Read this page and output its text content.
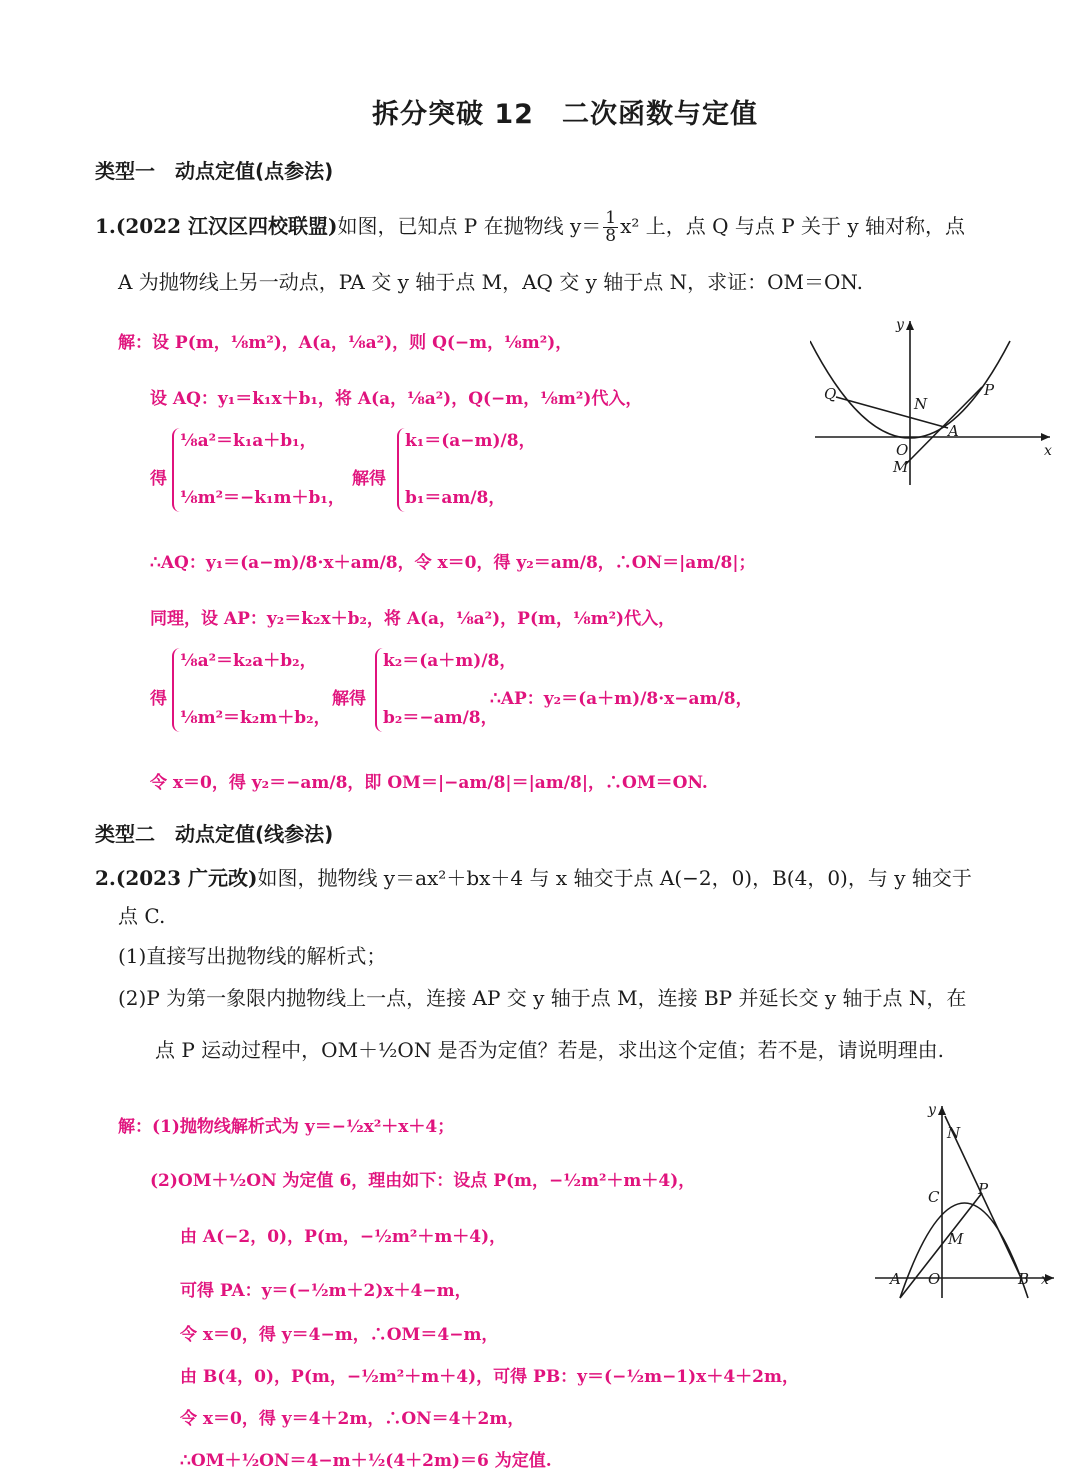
拆分突破 12　二次函数与定值
类型一　动点定值(点参法)
1.(2022 江汉区四校联盟)如图，已知点 P 在抛物线 $y= \frac{1}{8} x^2$ 上，点 Q 与点 P 关于 y 轴对称，点
A 为抛物线上另一动点，PA 交 y 轴于点 M，AQ 交 y 轴于点 N，求证：OM＝ON.
解：设 P(m，⅛m²)，A(a，⅛a²)，则 Q(−m，⅛m²)，
设 AQ：y₁＝k₁x＋b₁，将 A(a，⅛a²)，Q(−m，⅛m²)代入，
得
⅛a²＝k₁a＋b₁，
⅛m²＝−k₁m＋b₁，
解得
k₁＝(a−m)/8，
b₁＝am/8，
∴AQ：y₁＝(a−m)/8·x＋am/8，令 x＝0，得 y₂＝am/8，∴ON＝|am/8|；
同理，设 AP：y₂＝k₂x＋b₂，将 A(a，⅛a²)，P(m，⅛m²)代入，
得
⅛a²＝k₂a＋b₂，
⅛m²＝k₂m＋b₂，
解得
k₂＝(a＋m)/8，
b₂＝−am/8，
∴AP：y₂＝(a＋m)/8·x−am/8，
令 x＝0，得 y₂＝−am/8，即 OM＝|−am/8|＝|am/8|，∴OM＝ON.
y
x
Q
N
P
A
O
M
类型二　动点定值(线参法)
2.(2023 广元改)如图，抛物线 y＝ax²＋bx＋4 与 x 轴交于点 A(−2，0)，B(4，0)，与 y 轴交于
点 C.
(1)直接写出抛物线的解析式；
(2)P 为第一象限内抛物线上一点，连接 AP 交 y 轴于点 M，连接 BP 并延长交 y 轴于点 N，在
点 P 运动过程中，OM＋½ON 是否为定值？若是，求出这个定值；若不是，请说明理由.
解：(1)抛物线解析式为 y＝−½x²＋x＋4；
(2)OM＋½ON 为定值 6，理由如下：设点 P(m，−½m²＋m＋4)，
由 A(−2，0)，P(m，−½m²＋m＋4)，
可得 PA：y＝(−½m＋2)x＋4−m，
令 x＝0，得 y＝4−m，∴OM＝4−m，
由 B(4，0)，P(m，−½m²＋m＋4)，可得 PB：y＝(−½m−1)x＋4＋2m，
令 x＝0，得 y＝4＋2m，∴ON＝4＋2m，
∴OM＋½ON＝4−m＋½(4＋2m)＝6 为定值.
y
x
N
C	P
M
A O	B
